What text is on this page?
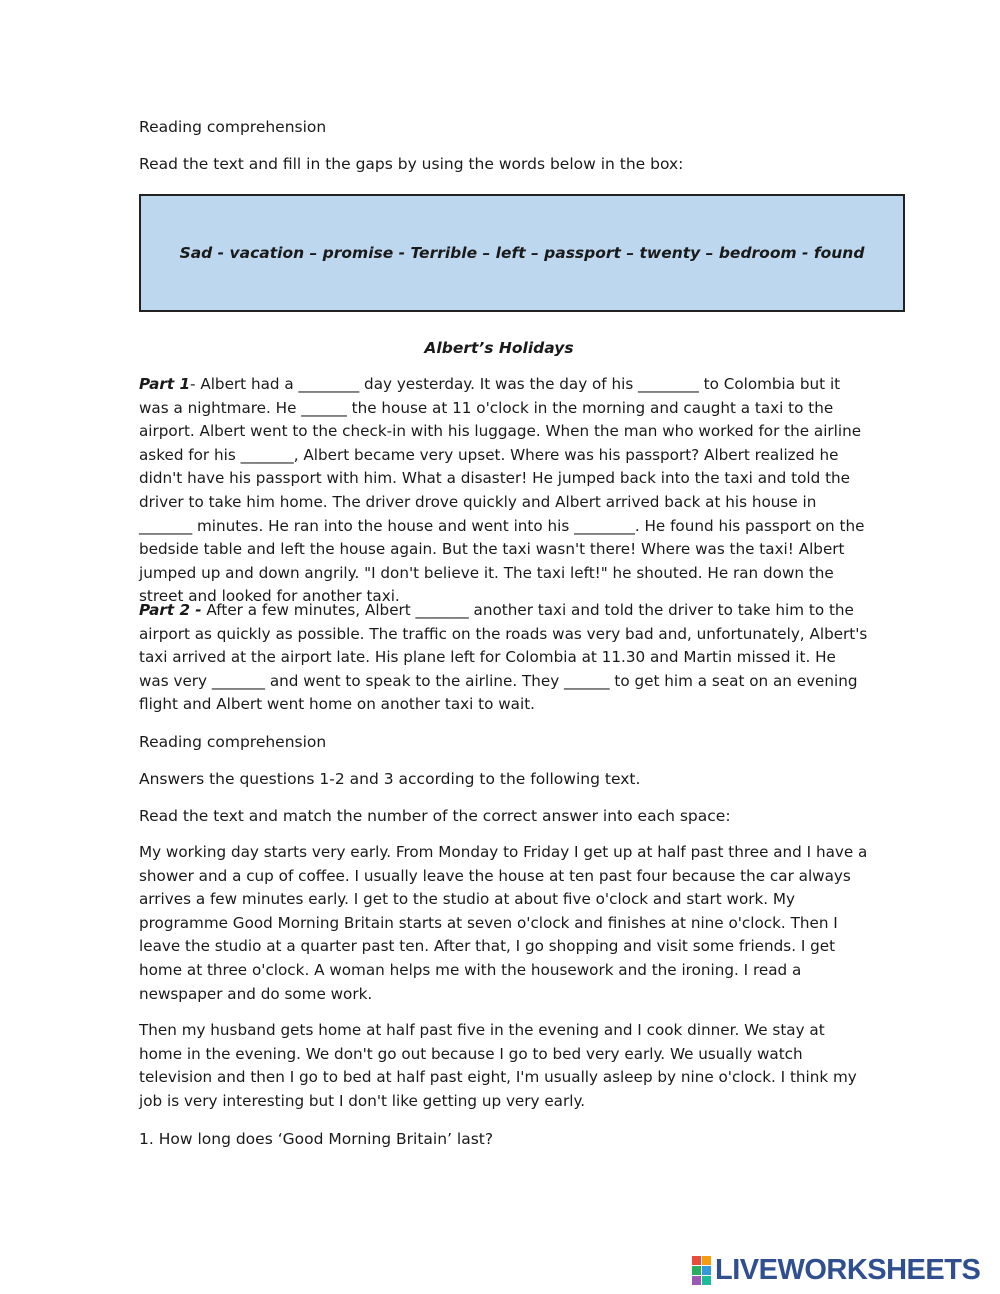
Reading comprehension
Read the text and fill in the gaps by using the words below in the box:
Sad - vacation – promise - Terrible – left – passport – twenty – bedroom - found
Albert’s Holidays

Part 1- Albert had a ________ day yesterday. It was the day of his ________ to Colombia but it was a nightmare. He ______ the house at 11 o'clock in the morning and caught a taxi to the airport. Albert went to the check-in with his luggage. When the man who worked for the airline asked for his _______, Albert became very upset. Where was his passport? Albert realized he didn't have his passport with him. What a disaster! He jumped back into the taxi and told the driver to take him home. The driver drove quickly and Albert arrived back at his house in _______ minutes. He ran into the house and went into his ________. He found his passport on the bedside table and left the house again. But the taxi wasn't there! Where was the taxi! Albert jumped up and down angrily. "I don't believe it. The taxi left!" he shouted. He ran down the street and looked for another taxi.

Part 2 - After a few minutes, Albert _______ another taxi and told the driver to take him to the airport as quickly as possible. The traffic on the roads was very bad and, unfortunately, Albert's taxi arrived at the airport late. His plane left for Colombia at 11.30 and Martin missed it. He was very _______ and went to speak to the airline. They ______ to get him a seat on an evening flight and Albert went home on another taxi to wait.

Reading comprehension
Answers the questions 1-2 and 3 according to the following text.
Read the text and match the number of the correct answer into each space:

My working day starts very early. From Monday to Friday I get up at half past three and I have a shower and a cup of coffee. I usually leave the house at ten past four because the car always arrives a few minutes early. I get to the studio at about five o'clock and start work. My programme Good Morning Britain starts at seven o'clock and finishes at nine o'clock. Then I leave the studio at a quarter past ten. After that, I go shopping and visit some friends. I get home at three o'clock. A woman helps me with the housework and the ironing. I read a newspaper and do some work.

Then my husband gets home at half past five in the evening and I cook dinner. We stay at home in the evening. We don't go out because I go to bed very early. We usually watch television and then I go to bed at half past eight, I'm usually asleep by nine o'clock. I think my job is very interesting but I don't like getting up very early.

1. How long does ‘Good Morning Britain’ last?
LIVEWORKSHEETS
